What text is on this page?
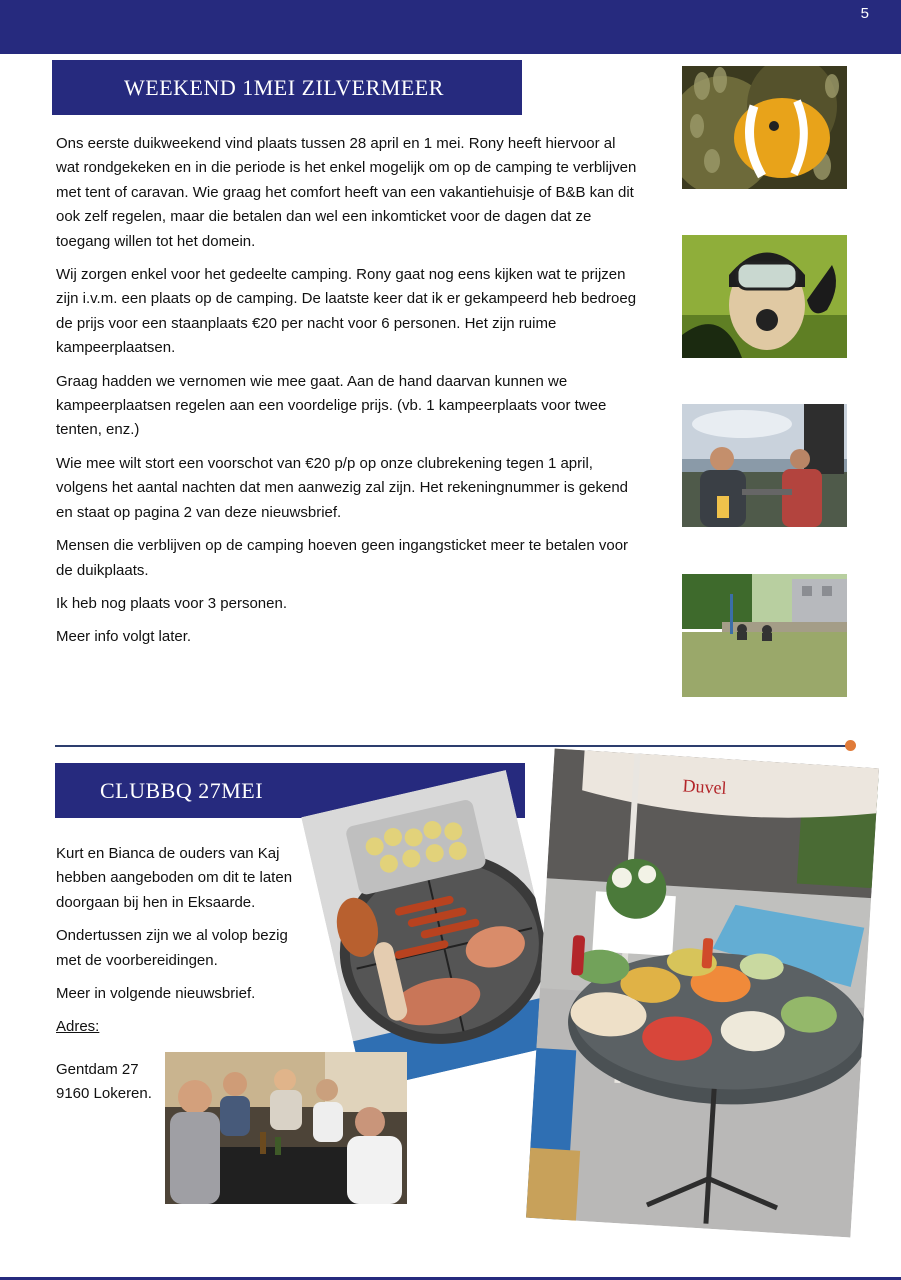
5
WEEKEND 1MEI ZILVERMEER

Ons eerste duikweekend vind plaats tussen 28 april en 1 mei. Rony heeft hiervoor al wat rondgekeken en in die periode is het enkel mogelijk om op de camping te verblijven met tent of caravan. Wie graag het comfort heeft van een vakantiehuisje of B&B kan dit ook zelf regelen, maar die betalen dan wel een inkomticket voor de dagen dat ze toegang willen tot het domein.

Wij zorgen enkel voor het gedeelte camping. Rony gaat nog eens kijken wat te prijzen zijn i.v.m. een plaats op de camping. De laatste keer dat ik er gekampeerd heb bedroeg de prijs voor een staanplaats €20 per nacht voor 6 personen. Het zijn ruime kampeerplaatsen.

Graag hadden we vernomen wie mee gaat. Aan de hand daarvan kunnen we kampeerplaatsen regelen aan een voordelige prijs. (vb. 1 kampeerplaats voor twee tenten, enz.)

Wie mee wilt stort een voorschot van €20 p/p op onze clubrekening tegen 1 april, volgens het aantal nachten dat men aanwezig zal zijn. Het rekeningnummer is gekend en staat op pagina 2 van deze nieuwsbrief.

Mensen die verblijven op de camping hoeven geen ingangsticket meer te betalen voor de duikplaats.

Ik heb nog plaats voor 3 personen.

Meer info volgt later.

CLUBBQ 27MEI

Kurt en Bianca de ouders van Kaj hebben aangeboden om dit te laten doorgaan bij hen in Eksaarde.

Ondertussen zijn we al volop bezig met de voorbereidingen.

Meer in volgende nieuwsbrief.

Adres:

Gentdam 27

9160 Lokeren.

Duvel
